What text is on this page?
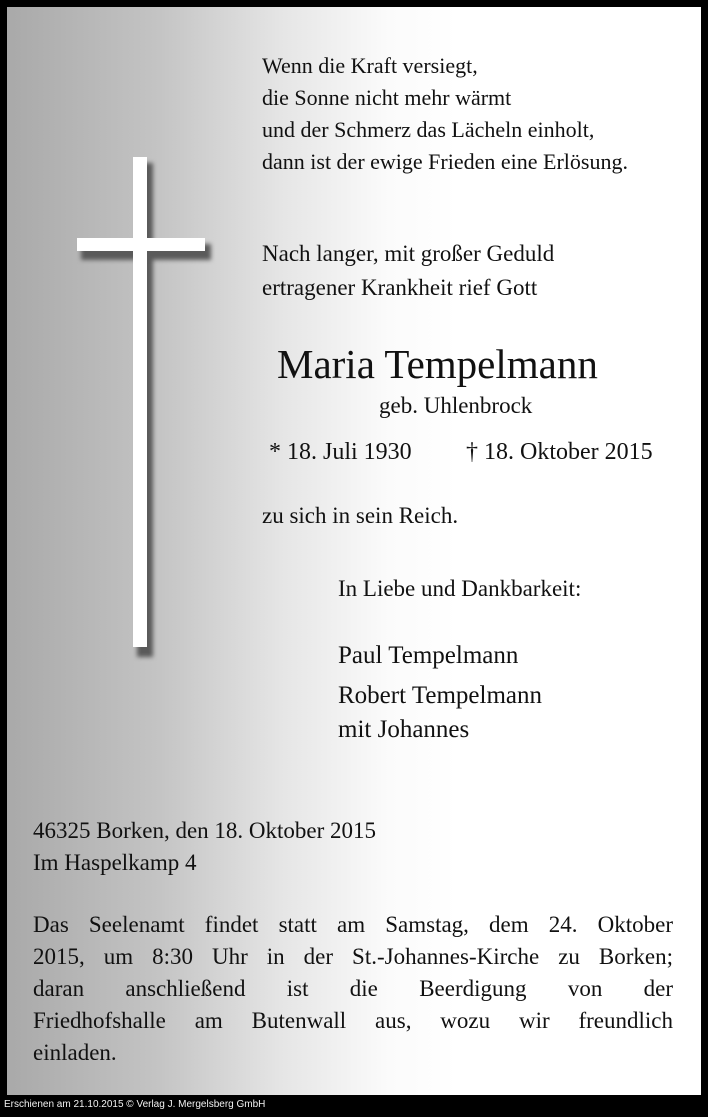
Wenn die Kraft versiegt,
die Sonne nicht mehr wärmt
und der Schmerz das Lächeln einholt,
dann ist der ewige Frieden eine Erlösung.
Nach langer, mit großer Geduld
ertragener Krankheit rief Gott
Maria Tempelmann
geb. Uhlenbrock
* 18. Juli 1930 † 18. Oktober 2015
zu sich in sein Reich.
In Liebe und Dankbarkeit:
Paul Tempelmann
Robert Tempelmann
mit Johannes
46325 Borken, den 18. Oktober 2015
Im Haspelkamp 4
Das Seelenamt findet statt am Samstag, dem 24. Oktober
2015, um 8:30 Uhr in der St.-Johannes-Kirche zu Borken;
daran anschließend ist die Beerdigung von der
Friedhofshalle am Butenwall aus, wozu wir freundlich
einladen.
Erschienen am 21.10.2015 © Verlag J. Mergelsberg GmbH
